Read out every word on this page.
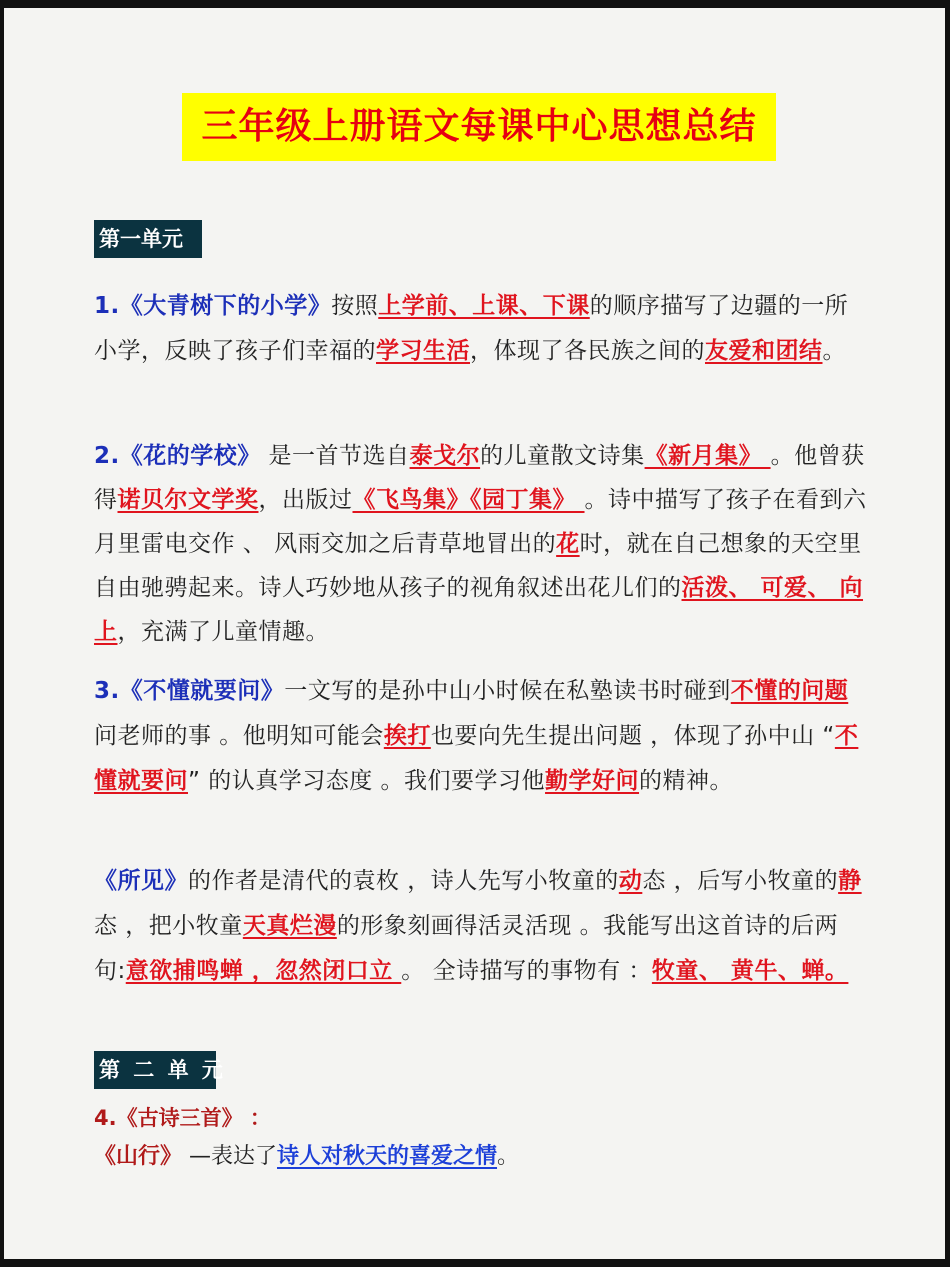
三年级上册语文每课中心思想总结
第一单元
1.《大青树下的小学》按照上学前、上课、下课的顺序描写了边疆的一所小学，反映了孩子们幸福的学习生活，体现了各民族之间的友爱和团结。
2.《花的学校》 是一首节选自泰戈尔的儿童散文诗集《新月集》 。他曾获得诺贝尔文学奖，出版过《飞鸟集》《园丁集》 。诗中描写了孩子在看到六月里雷电交作 、 风雨交加之后青草地冒出的花时，就在自己想象的天空里自由驰骋起来。诗人巧妙地从孩子的视角叙述出花儿们的活泼、 可爱、 向上，充满了儿童情趣。
3.《不懂就要问》一文写的是孙中山小时候在私塾读书时碰到不懂的问题问老师的事 。他明知可能会挨打也要向先生提出问题 ，体现了孙中山 “不懂就要问” 的认真学习态度 。我们要学习他勤学好问的精神。
《所见》的作者是清代的袁枚 ，诗人先写小牧童的动态 ，后写小牧童的静态 ，把小牧童天真烂漫的形象刻画得活灵活现 。我能写出这首诗的后两句:意欲捕鸣蝉 ，忽然闭口立 。 全诗描写的事物有 ：牧童、 黄牛、蝉。
第 二 单 元
4.《古诗三首》 ：
《山行》 —表达了诗人对秋天的喜爱之情。
